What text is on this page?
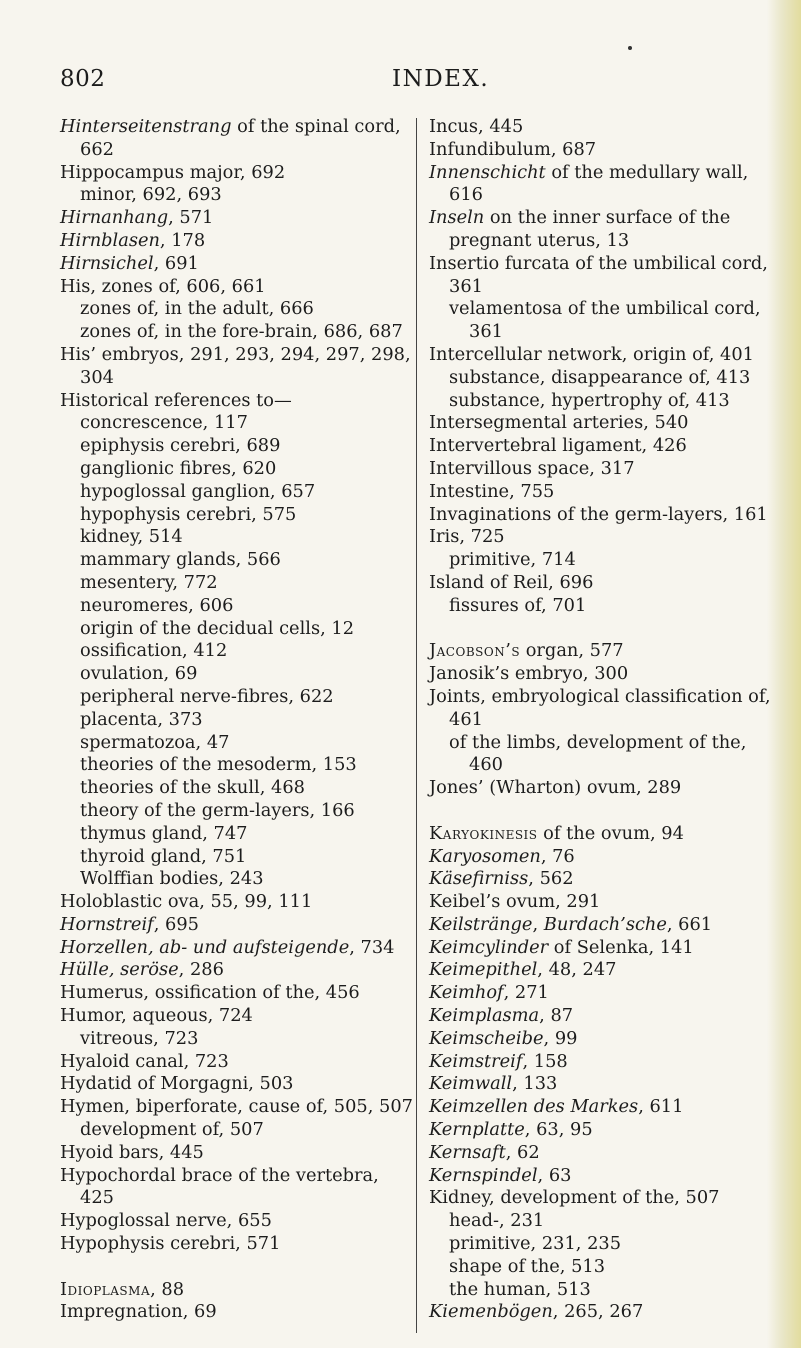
802	INDEX.
Hinterseitenstrang of the spinal cord, 662
Hippocampus major, 692
minor, 692, 693
Hirnanhang, 571
Hirnblasen, 178
Hirnsichel, 691
His, zones of, 606, 661
zones of, in the adult, 666
zones of, in the fore-brain, 686, 687
His’ embryos, 291, 293, 294, 297, 298, 304
Historical references to—
concrescence, 117
epiphysis cerebri, 689
ganglionic fibres, 620
hypoglossal ganglion, 657
hypophysis cerebri, 575
kidney, 514
mammary glands, 566
mesentery, 772
neuromeres, 606
origin of the decidual cells, 12
ossification, 412
ovulation, 69
peripheral nerve-fibres, 622
placenta, 373
spermatozoa, 47
theories of the mesoderm, 153
theories of the skull, 468
theory of the germ-layers, 166
thymus gland, 747
thyroid gland, 751
Wolffian bodies, 243
Holoblastic ova, 55, 99, 111
Hornstreif, 695
Horzellen, ab- und aufsteigende, 734
Hülle, seröse, 286
Humerus, ossification of the, 456
Humor, aqueous, 724
vitreous, 723
Hyaloid canal, 723
Hydatid of Morgagni, 503
Hymen, biperforate, cause of, 505, 507
development of, 507
Hyoid bars, 445
Hypochordal brace of the vertebra, 425
Hypoglossal nerve, 655
Hypophysis cerebri, 571
Idioplasma, 88
Impregnation, 69
Incus, 445
Infundibulum, 687
Innenschicht of the medullary wall, 616
Inseln on the inner surface of the pregnant uterus, 13
Insertio furcata of the umbilical cord, 361
velamentosa of the umbilical cord, 361
Intercellular network, origin of, 401
substance, disappearance of, 413
substance, hypertrophy of, 413
Intersegmental arteries, 540
Intervertebral ligament, 426
Intervillous space, 317
Intestine, 755
Invaginations of the germ-layers, 161
Iris, 725
primitive, 714
Island of Reil, 696
fissures of, 701
Jacobson’s organ, 577
Janosik’s embryo, 300
Joints, embryological classification of, 461
of the limbs, development of the, 460
Jones’ (Wharton) ovum, 289
Karyokinesis of the ovum, 94
Karyosomen, 76
Käsefirniss, 562
Keibel’s ovum, 291
Keilstränge, Burdach’sche, 661
Keimcylinder of Selenka, 141
Keimepithel, 48, 247
Keimhof, 271
Keimplasma, 87
Keimscheibe, 99
Keimstreif, 158
Keimwall, 133
Keimzellen des Markes, 611
Kernplatte, 63, 95
Kernsaft, 62
Kernspindel, 63
Kidney, development of the, 507
head-, 231
primitive, 231, 235
shape of the, 513
the human, 513
Kiemenbögen, 265, 267
